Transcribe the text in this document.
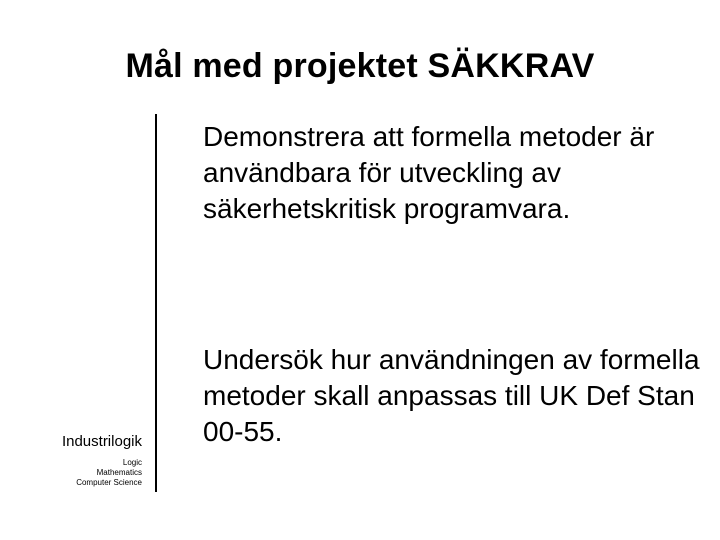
Mål med projektet SÄKKRAV
Industrilogik
Logic
Mathematics
Computer Science

Demonstrera att formella metoder är användbara för utveckling av säkerhetskritisk programvara.

Undersök hur användningen av formella metoder skall anpassas till UK Def Stan 00-55.
